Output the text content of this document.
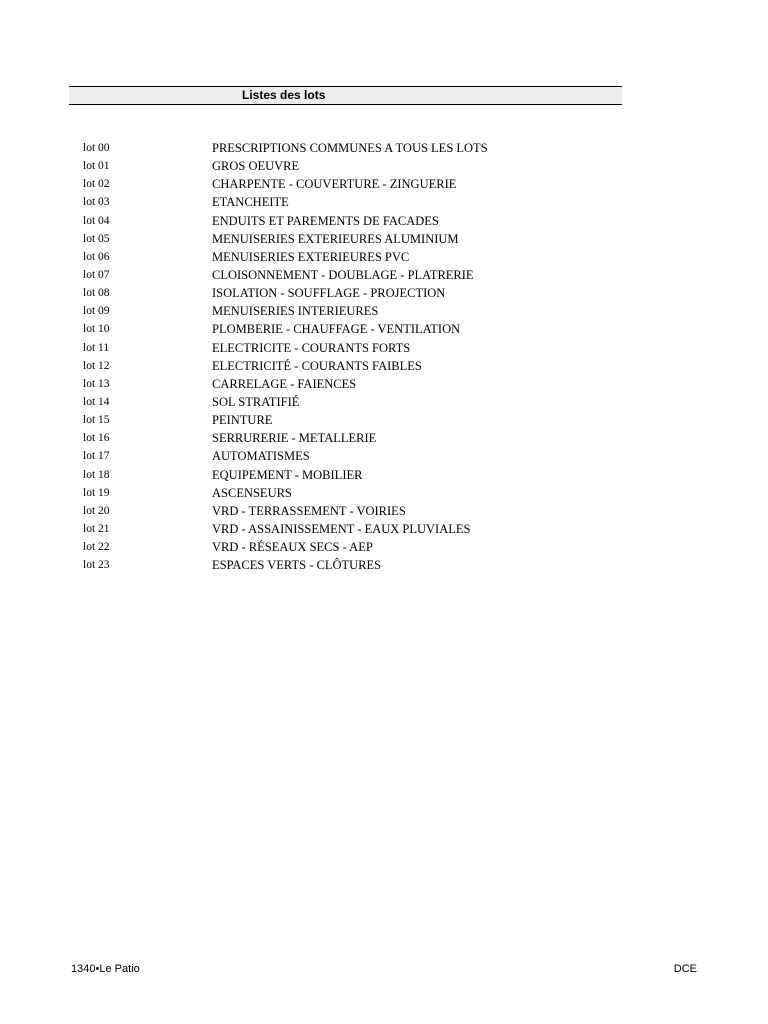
Listes des lots
lot 00	PRESCRIPTIONS COMMUNES A TOUS LES LOTS
lot 01	GROS OEUVRE
lot 02	CHARPENTE - COUVERTURE - ZINGUERIE
lot 03	ETANCHEITE
lot 04	ENDUITS ET PAREMENTS DE FACADES
lot 05	MENUISERIES EXTERIEURES ALUMINIUM
lot 06	MENUISERIES EXTERIEURES PVC
lot 07	CLOISONNEMENT - DOUBLAGE - PLATRERIE
lot 08	ISOLATION - SOUFFLAGE - PROJECTION
lot 09	MENUISERIES INTERIEURES
lot 10	PLOMBERIE - CHAUFFAGE - VENTILATION
lot 11	ELECTRICITE - COURANTS FORTS
lot 12	ELECTRICITÉ - COURANTS FAIBLES
lot 13	CARRELAGE - FAIENCES
lot 14	SOL STRATIFIÉ
lot 15	PEINTURE
lot 16	SERRURERIE - METALLERIE
lot 17	AUTOMATISMES
lot 18	EQUIPEMENT - MOBILIER
lot 19	ASCENSEURS
lot 20	VRD - TERRASSEMENT - VOIRIES
lot 21	VRD - ASSAINISSEMENT - EAUX PLUVIALES
lot 22	VRD - RÉSEAUX SECS - AEP
lot 23	ESPACES VERTS - CLÔTURES
1340•Le Patio	DCE
